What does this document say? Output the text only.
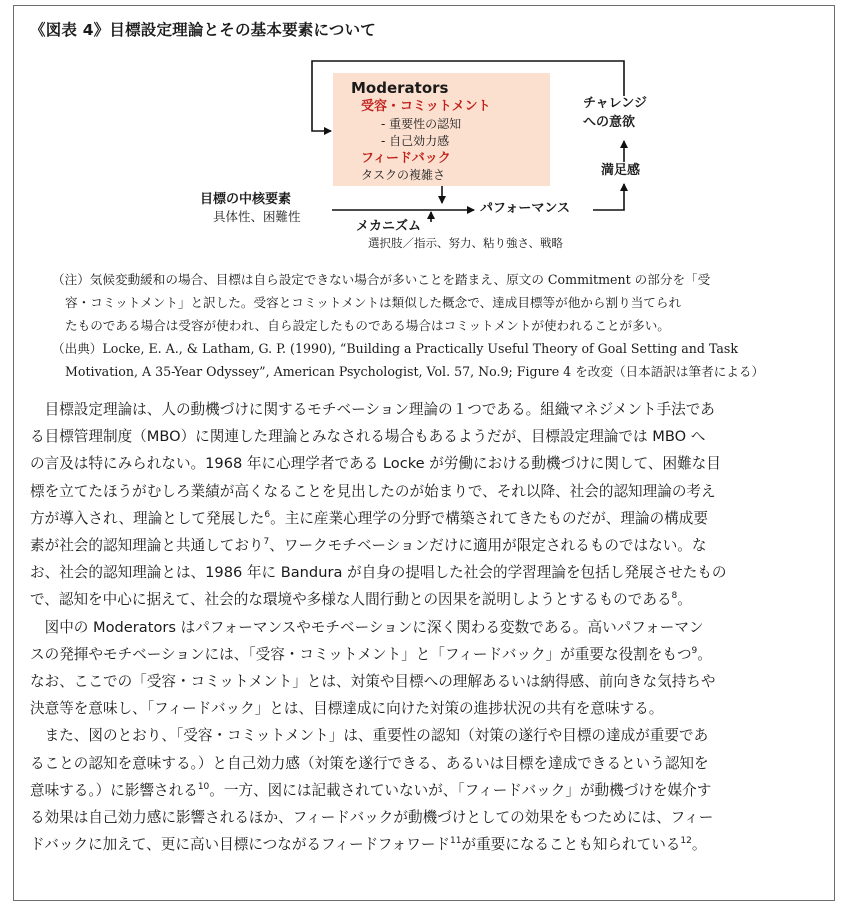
《図表 4》目標設定理論とその基本要素について
Moderators
受容・コミットメント
- 重要性の認知
- 自己効力感
フィードバック
タスクの複雑さ
チャレンジ
への意欲
満足感
目標の中核要素
具体性、困難性
パフォーマンス
メカニズム
選択肢／指示、努力、粘り強さ、戦略
（注）気候変動緩和の場合、目標は自ら設定できない場合が多いことを踏まえ、原文の Commitment の部分を「受
容・コミットメント」と訳した。受容とコミットメントは類似した概念で、達成目標等が他から割り当てられ
たものである場合は受容が使われ、自ら設定したものである場合はコミットメントが使われることが多い。
（出典）Locke, E. A., & Latham, G. P. (1990), “Building a Practically Useful Theory of Goal Setting and Task
Motivation, A 35-Year Odyssey”, American Psychologist, Vol. 57, No.9; Figure 4 を改変（日本語訳は筆者による）
　目標設定理論は、人の動機づけに関するモチベーション理論の１つである。組織マネジメント手法であ
る目標管理制度（MBO）に関連した理論とみなされる場合もあるようだが、目標設定理論では MBO へ
の言及は特にみられない。1968 年に心理学者である Locke が労働における動機づけに関して、困難な目
標を立てたほうがむしろ業績が高くなることを見出したのが始まりで、それ以降、社会的認知理論の考え
方が導入され、理論として発展した$^6$。主に産業心理学の分野で構築されてきたものだが、理論の構成要
素が社会的認知理論と共通しており$^7$、ワークモチベーションだけに適用が限定されるものではない。な
お、社会的認知理論とは、1986 年に Bandura が自身の提唱した社会的学習理論を包括し発展させたもの
で、認知を中心に据えて、社会的な環境や多様な人間行動との因果を説明しようとするものである$^8$。
　図中の Moderators はパフォーマンスやモチベーションに深く関わる変数である。高いパフォーマン
スの発揮やモチベーションには、「受容・コミットメント」と「フィードバック」が重要な役割をもつ$^9$。
なお、ここでの「受容・コミットメント」とは、対策や目標への理解あるいは納得感、前向きな気持ちや
決意等を意味し、「フィードバック」とは、目標達成に向けた対策の進捗状況の共有を意味する。
　また、図のとおり、「受容・コミットメント」は、重要性の認知（対策の遂行や目標の達成が重要であ
ることの認知を意味する。）と自己効力感（対策を遂行できる、あるいは目標を達成できるという認知を
意味する。）に影響される$^{10}$。一方、図には記載されていないが、「フィードバック」が動機づけを媒介す
る効果は自己効力感に影響されるほか、フィードバックが動機づけとしての効果をもつためには、フィー
ドバックに加えて、更に高い目標につながるフィードフォワード$^{11}$が重要になることも知られている$^{12}$。
